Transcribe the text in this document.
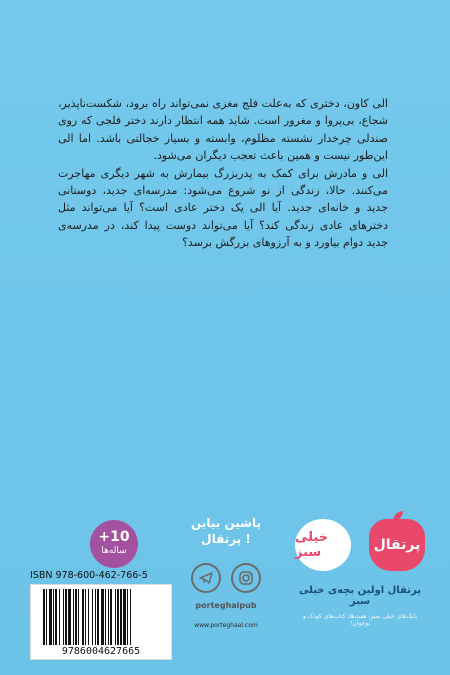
الی کاون، دختری که به‌علت فلج مغزی نمی‌تواند راه برود، شکست‌ناپذیر، شجاع، بی‌پروا و مغرور است. شاید همه انتظار دارند دختر فلجی که روی صندلی چرخدار نشسته مظلوم، وابسته و بسیار خجالتی باشد. اما الی این‌طور نیست و همین باعث تعجب دیگران می‌شود.

الی و مادرش برای کمک به پدربزرگ بیمارش به شهر دیگری مهاجرت می‌کنند. حالا، زندگی از نو شروع می‌شود: مدرسه‌ای جدید، دوستانی جدید و خانه‌ای جدید. آیا الی یک دختر عادی است؟ آیا می‌تواند مثل دخترهای عادی زندگی کند؟ آیا می‌تواند دوست پیدا کند، در مدرسه‌ی جدید دوام بیاورد و به آرزوهای بزرگش برسد؟

خیلی سبز	پرتقال
پرتقال اولین بچه‌ی خیلی سبز
بانک‌های خیلی سبز، هفت‌ها، کتاب‌های کودک و نوجوان!
پاشین بیاین
پرتقال !
porteghalpub
www.porteghaal.com
+10
ساله‌ها
ISBN 978-600-462-766-5
9786004627665
